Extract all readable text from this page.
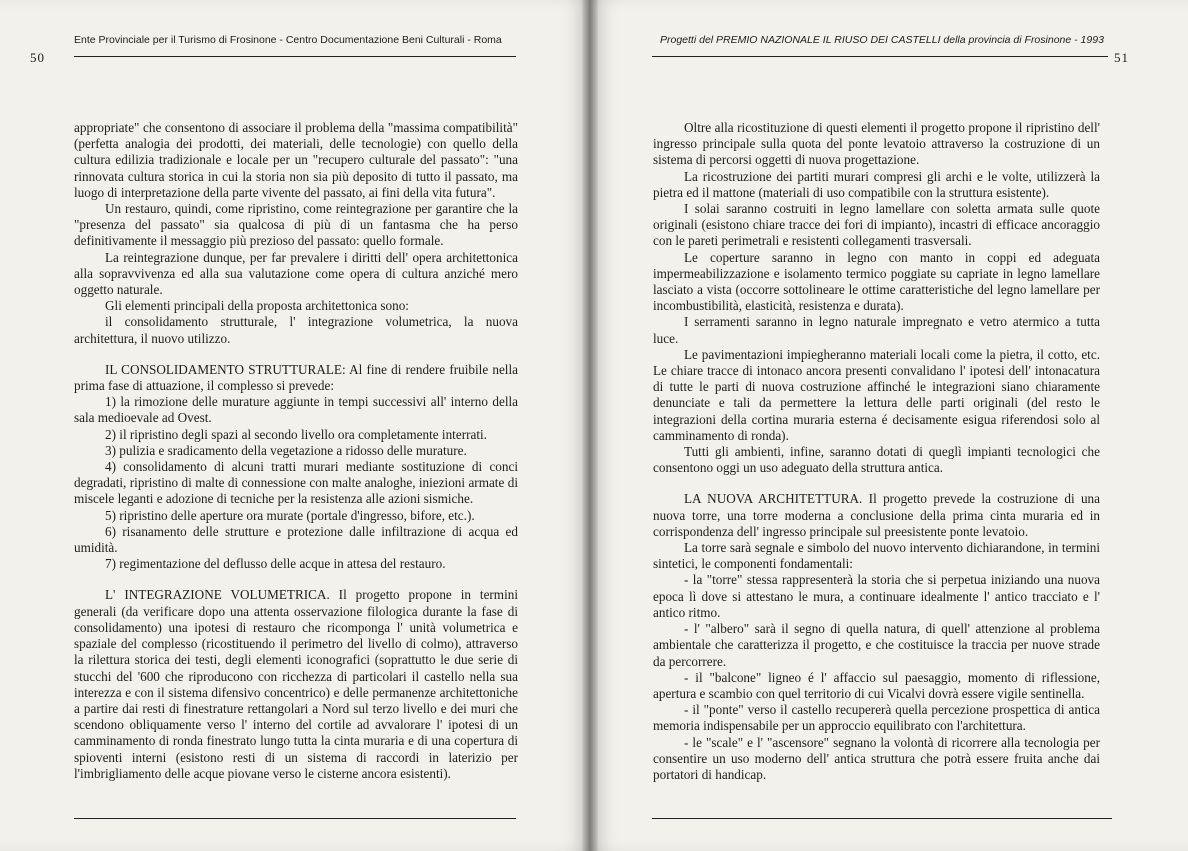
Ente Provinciale per il Turismo di Frosinone - Centro Documentazione Beni Culturali - Roma
50

appropriate" che consentono di associare il problema della "massima compatibilità" (perfetta analogia dei prodotti, dei materiali, delle tecnologie) con quello della cultura edilizia tradizionale e locale per un "recupero culturale del passato": "una rinnovata cultura storica in cui la storia non sia più deposito di tutto il passato, ma luogo di interpretazione della parte vivente del passato, ai fini della vita futura".

Un restauro, quindi, come ripristino, come reintegrazione per garantire che la "presenza del passato" sia qualcosa di più di un fantasma che ha perso definitivamente il messaggio più prezioso del passato: quello formale.

La reintegrazione dunque, per far prevalere i diritti dell' opera architettonica alla sopravvivenza ed alla sua valutazione come opera di cultura anziché mero oggetto naturale.

Gli elementi principali della proposta architettonica sono:

il consolidamento strutturale, l' integrazione volumetrica, la nuova architettura, il nuovo utilizzo.

IL CONSOLIDAMENTO STRUTTURALE: Al fine di rendere fruibile nella prima fase di attuazione, il complesso si prevede:

1) la rimozione delle murature aggiunte in tempi successivi all' interno della sala medioevale ad Ovest.

2) il ripristino degli spazi al secondo livello ora completamente interrati.

3) pulizia e sradicamento della vegetazione a ridosso delle murature.

4) consolidamento di alcuni tratti murari mediante sostituzione di conci degradati, ripristino di malte di connessione con malte analoghe, iniezioni armate di miscele leganti e adozione di tecniche per la resistenza alle azioni sismiche.

5) ripristino delle aperture ora murate (portale d'ingresso, bifore, etc.).

6) risanamento delle strutture e protezione dalle infiltrazione di acqua ed umidità.

7) regimentazione del deflusso delle acque in attesa del restauro.

L' INTEGRAZIONE VOLUMETRICA. Il progetto propone in termini generali (da verificare dopo una attenta osservazione filologica durante la fase di consolidamento) una ipotesi di restauro che ricomponga l' unità volumetrica e spaziale del complesso (ricostituendo il perimetro del livello di colmo), attraverso la rilettura storica dei testi, degli elementi iconografici (soprattutto le due serie di stucchi del '600 che riproducono con ricchezza di particolari il castello nella sua interezza e con il sistema difensivo concentrico) e delle permanenze architettoniche a partire dai resti di finestrature rettangolari a Nord sul terzo livello e dei muri che scendono obliquamente verso l' interno del cortile ad avvalorare l' ipotesi di un camminamento di ronda finestrato lungo tutta la cinta muraria e di una copertura di spioventi interni (esistono resti di un sistema di raccordi in laterizio per l'imbrigliamento delle acque piovane verso le cisterne ancora esistenti).

Progetti del PREMIO NAZIONALE IL RIUSO DEI CASTELLI della provincia di Frosinone - 1993
51

Oltre alla ricostituzione di questi elementi il progetto propone il ripristino dell' ingresso principale sulla quota del ponte levatoio attraverso la costruzione di un sistema di percorsi oggetti di nuova progettazione.

La ricostruzione dei partiti murari compresi gli archi e le volte, utilizzerà la pietra ed il mattone (materiali di uso compatibile con la struttura esistente).

I solai saranno costruiti in legno lamellare con soletta armata sulle quote originali (esistono chiare tracce dei fori di impianto), incastri di efficace ancoraggio con le pareti perimetrali e resistenti collegamenti trasversali.

Le coperture saranno in legno con manto in coppi ed adeguata impermeabilizzazione e isolamento termico poggiate su capriate in legno lamellare lasciato a vista (occorre sottolineare le ottime caratteristiche del legno lamellare per incombustibilità, elasticità, resistenza e durata).

I serramenti saranno in legno naturale impregnato e vetro atermico a tutta luce.

Le pavimentazioni impiegheranno materiali locali come la pietra, il cotto, etc. Le chiare tracce di intonaco ancora presenti convalidano l' ipotesi dell' intonacatura di tutte le parti di nuova costruzione affinché le integrazioni siano chiaramente denunciate e tali da permettere la lettura delle parti originali (del resto le integrazioni della cortina muraria esterna é decisamente esigua riferendosi solo al camminamento di ronda).

Tutti gli ambienti, infine, saranno dotati di queglì impianti tecnologici che consentono oggi un uso adeguato della struttura antica.

LA NUOVA ARCHITETTURA. Il progetto prevede la costruzione di una nuova torre, una torre moderna a conclusione della prima cinta muraria ed in corrispondenza dell' ingresso principale sul preesistente ponte levatoio.

La torre sarà segnale e simbolo del nuovo intervento dichiarandone, in termini sintetici, le componenti fondamentali:

- la "torre" stessa rappresenterà la storia che si perpetua iniziando una nuova epoca lì dove si attestano le mura, a continuare idealmente l' antico tracciato e l' antico ritmo.

- l' "albero" sarà il segno di quella natura, di quell' attenzione al problema ambientale che caratterizza il progetto, e che costituisce la traccia per nuove strade da percorrere.

- il "balcone" ligneo é l' affaccio sul paesaggio, momento di riflessione, apertura e scambio con quel territorio di cui Vicalvi dovrà essere vigile sentinella.

- il "ponte" verso il castello recupererà quella percezione prospettica di antica memoria indispensabile per un approccio equilibrato con l'architettura.

- le "scale" e l' "ascensore" segnano la volontà di ricorrere alla tecnologia per consentire un uso moderno dell' antica struttura che potrà essere fruita anche dai portatori di handicap.
